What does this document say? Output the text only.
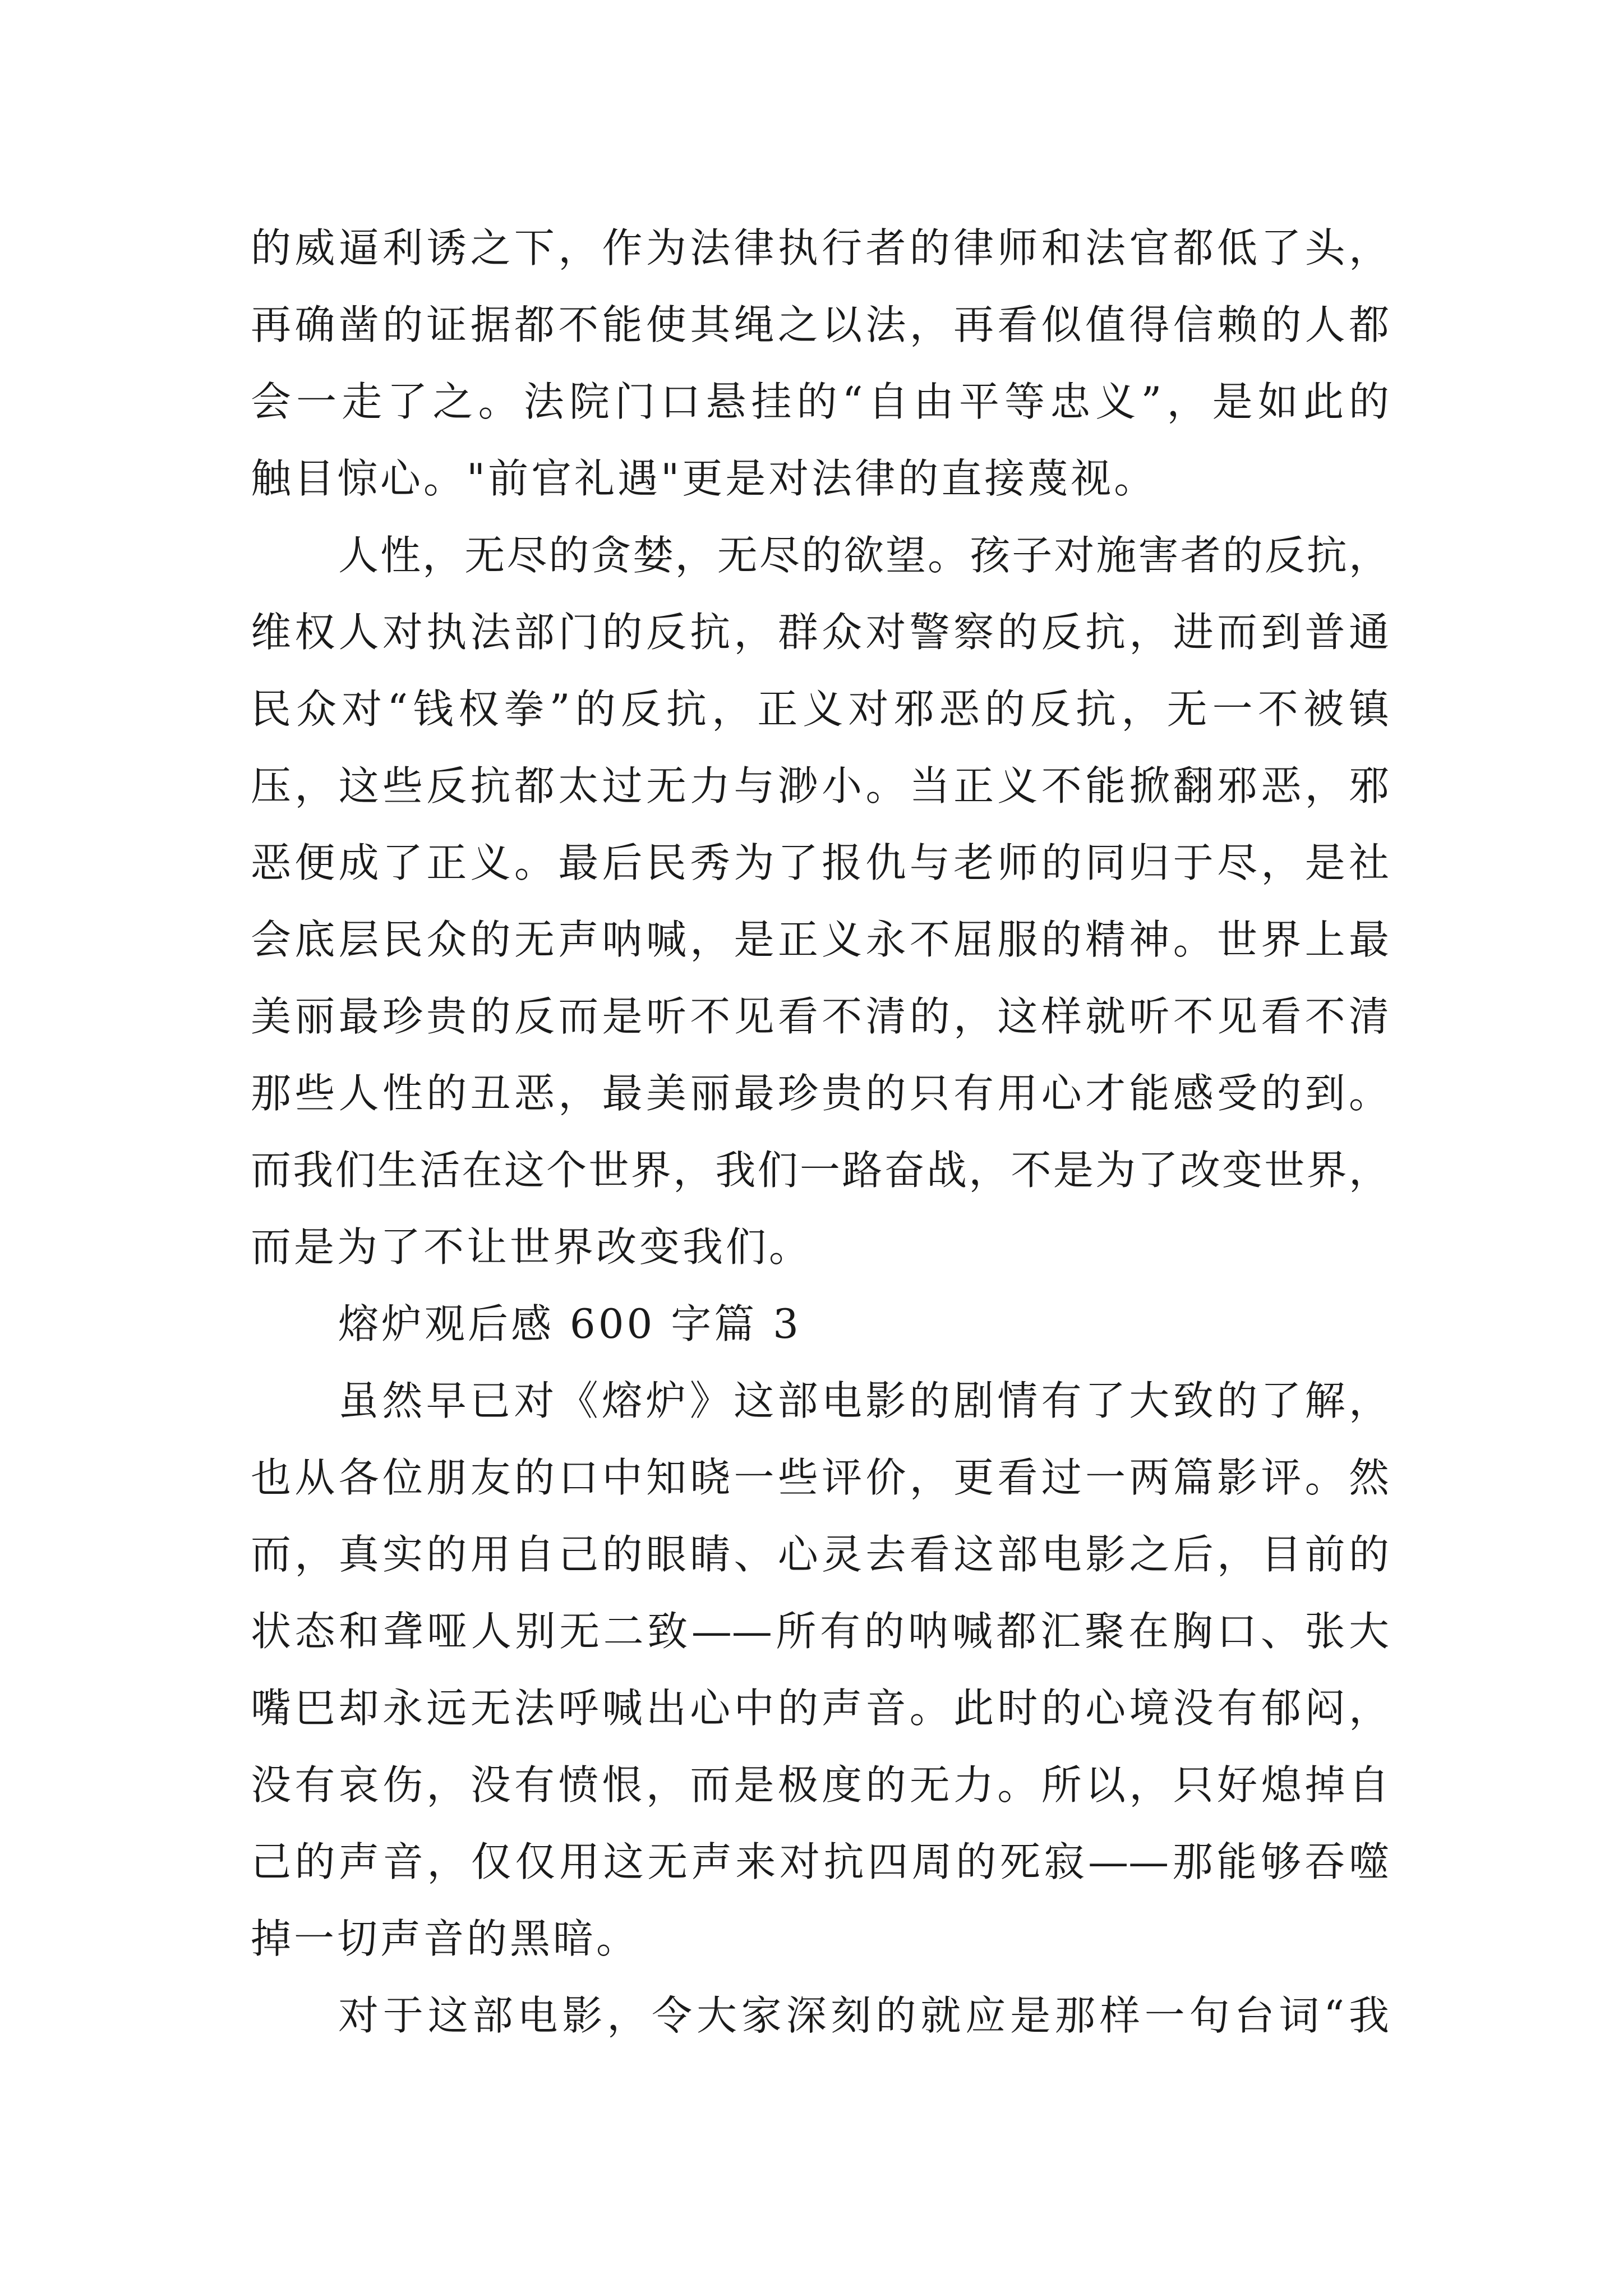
的威逼利诱之下，作为法律执行者的律师和法官都低了头，
再确凿的证据都不能使其绳之以法，再看似值得信赖的人都
会一走了之。法院门口悬挂的“自由平等忠义”，是如此的
触目惊心。"前官礼遇"更是对法律的直接蔑视。
人性，无尽的贪婪，无尽的欲望。孩子对施害者的反抗，
维权人对执法部门的反抗，群众对警察的反抗，进而到普通
民众对“钱权拳”的反抗，正义对邪恶的反抗，无一不被镇
压，这些反抗都太过无力与渺小。当正义不能掀翻邪恶，邪
恶便成了正义。最后民秀为了报仇与老师的同归于尽，是社
会底层民众的无声呐喊，是正义永不屈服的精神。世界上最
美丽最珍贵的反而是听不见看不清的，这样就听不见看不清
那些人性的丑恶，最美丽最珍贵的只有用心才能感受的到。
而我们生活在这个世界，我们一路奋战，不是为了改变世界，
而是为了不让世界改变我们。
熔炉观后感 600 字篇 3
虽然早已对《熔炉》这部电影的剧情有了大致的了解，
也从各位朋友的口中知晓一些评价，更看过一两篇影评。然
而，真实的用自己的眼睛、心灵去看这部电影之后，目前的
状态和聋哑人别无二致——所有的呐喊都汇聚在胸口、张大
嘴巴却永远无法呼喊出心中的声音。此时的心境没有郁闷，
没有哀伤，没有愤恨，而是极度的无力。所以，只好熄掉自
己的声音，仅仅用这无声来对抗四周的死寂——那能够吞噬
掉一切声音的黑暗。
对于这部电影，令大家深刻的就应是那样一句台词“我
